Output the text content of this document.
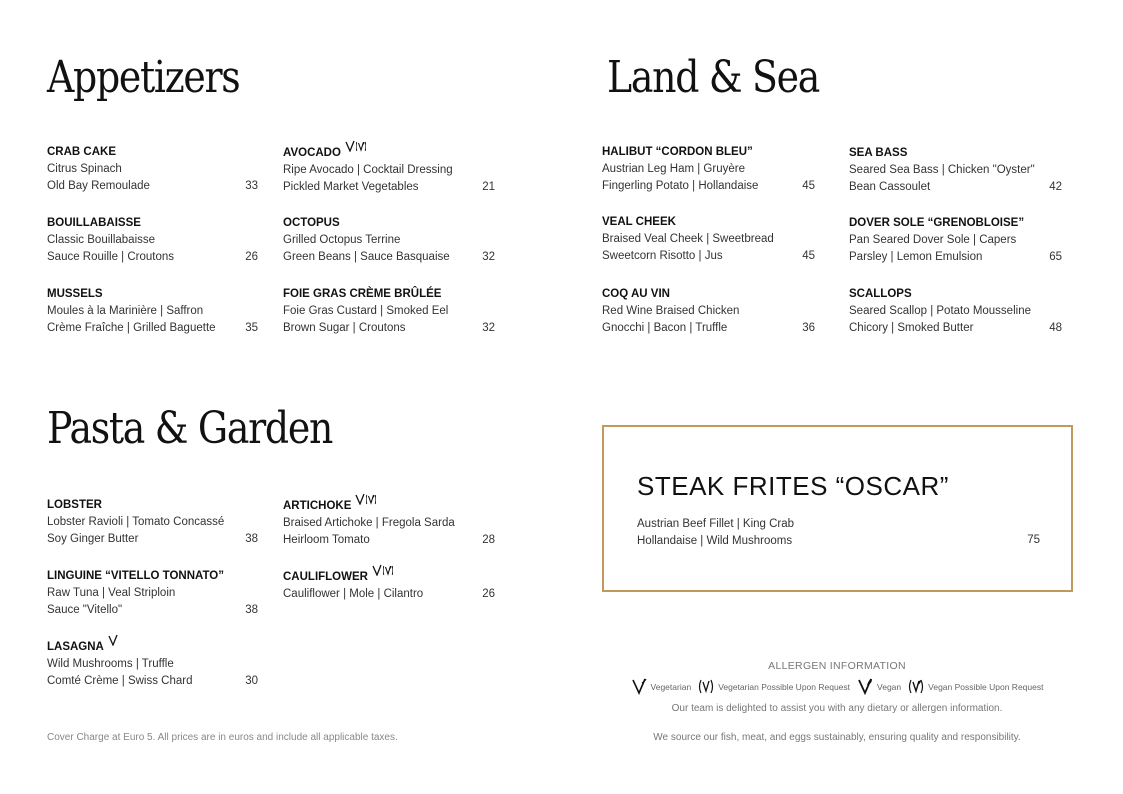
Appetizers	Land & Sea
Pasta & Garden
CRAB CAKE
Citrus Spinach
Old Bay Remoulade	33
BOUILLABAISSE
Classic Bouillabaisse
Sauce Rouille | Croutons	26
MUSSELS
Moules à la Marinière | Saffron
Crème Fraîche | Grilled Baguette	35
AVOCADO
Ripe Avocado | Cocktail Dressing
Pickled Market Vegetables	21
OCTOPUS
Grilled Octopus Terrine
Green Beans | Sauce Basquaise	32
FOIE GRAS CRÈME BRÛLÉE
Foie Gras Custard | Smoked Eel
Brown Sugar | Croutons	32
HALIBUT “CORDON BLEU”
Austrian Leg Ham | Gruyère
Fingerling Potato | Hollandaise	45
VEAL CHEEK
Braised Veal Cheek | Sweetbread
Sweetcorn Risotto | Jus	45
COQ AU VIN
Red Wine Braised Chicken
Gnocchi | Bacon | Truffle	36
SEA BASS
Seared Sea Bass | Chicken "Oyster"
Bean Cassoulet	42
DOVER SOLE “GRENOBLOISE”
Pan Seared Dover Sole | Capers
Parsley | Lemon Emulsion	65
SCALLOPS
Seared Scallop | Potato Mousseline
Chicory | Smoked Butter	48
LOBSTER
Lobster Ravioli | Tomato Concassé
Soy Ginger Butter	38
LINGUINE “VITELLO TONNATO”
Raw Tuna | Veal Striploin
Sauce "Vitello"	38
LASAGNA
Wild Mushrooms | Truffle
Comté Crème | Swiss Chard	30
ARTICHOKE
Braised Artichoke | Fregola Sarda
Heirloom Tomato	28
CAULIFLOWER
Cauliflower | Mole | Cilantro	26
STEAK FRITES “OSCAR”
Austrian Beef Fillet | King Crab
Hollandaise | Wild Mushrooms	75
ALLERGEN INFORMATION
Vegetarian	Vegetarian Possible Upon Request	Vegan	Vegan Possible Upon Request
Our team is delighted to assist you with any dietary or allergen information.
We source our fish, meat, and eggs sustainably, ensuring quality and responsibility.
Cover Charge at Euro 5. All prices are in euros and include all applicable taxes.
